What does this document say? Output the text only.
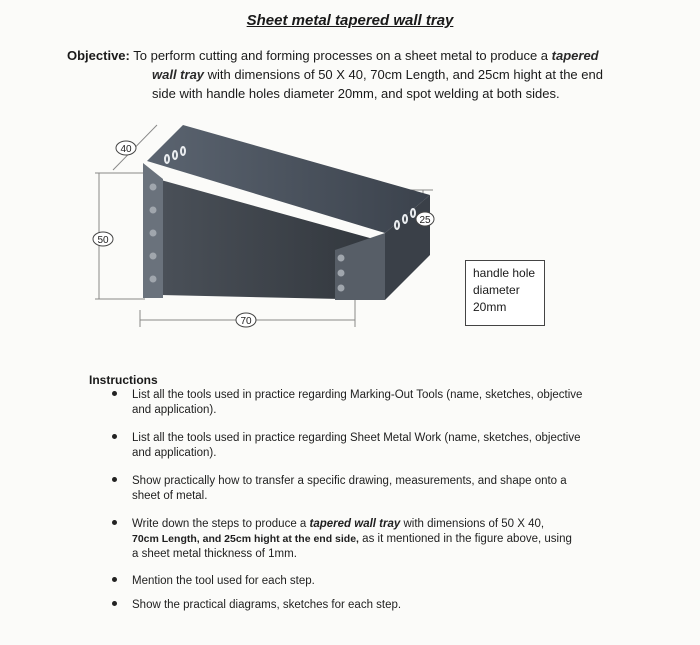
Sheet metal tapered wall tray
Objective: To perform cutting and forming processes on a sheet metal to produce a tapered
wall tray with dimensions of 50 X 40, 70cm Length, and 25cm hight at the end
side with handle holes diameter 20mm, and spot welding at both sides.
40
50
70
25
handle hole
diameter
20mm
Instructions
List all the tools used in practice regarding Marking-Out Tools (name, sketches, objective
and application).
List all the tools used in practice regarding Sheet Metal Work (name, sketches, objective
and application).
Show practically how to transfer a specific drawing, measurements, and shape onto a
sheet of metal.
Write down the steps to produce a tapered wall tray with dimensions of 50 X 40,
70cm Length, and 25cm hight at the end side, as it mentioned in the figure above, using
a sheet metal thickness of 1mm.
Mention the tool used for each step.
Show the practical diagrams, sketches for each step.
